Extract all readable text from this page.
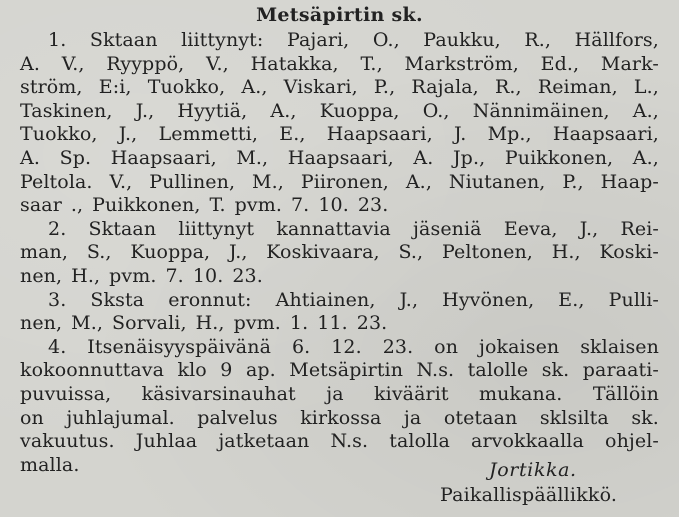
Metsäpirtin sk.
1. Sktaan liittynyt: Pajari, O., Paukku, R., Hällfors,
A. V., Ryyppö, V., Hatakka, T., Markström, Ed., Mark-
ström, E:i, Tuokko, A., Viskari, P., Rajala, R., Reiman, L.,
Taskinen, J., Hyytiä, A., Kuoppa, O., Nännimäinen, A.,
Tuokko, J., Lemmetti, E., Haapsaari, J. Mp., Haapsaari,
A. Sp. Haapsaari, M., Haapsaari, A. Jp., Puikkonen, A.,
Peltola. V., Pullinen, M., Piironen, A., Niutanen, P., Haap-
saar ., Puikkonen, T. pvm. 7. 10. 23.
2. Sktaan liittynyt kannattavia jäseniä Eeva, J., Rei-
man, S., Kuoppa, J., Koskivaara, S., Peltonen, H., Koski-
nen, H., pvm. 7. 10. 23.
3. Sksta eronnut: Ahtiainen, J., Hyvönen, E., Pulli-
nen, M., Sorvali, H., pvm. 1. 11. 23.
4. Itsenäisyyspäivänä 6. 12. 23. on jokaisen sklaisen
kokoonnuttava klo 9 ap. Metsäpirtin N.s. talolle sk. paraati-
puvuissa, käsivarsinauhat ja kiväärit mukana. Tällöin
on juhlajumal. palvelus kirkossa ja otetaan sklsilta sk.
vakuutus. Juhlaa jatketaan N.s. talolla arvokkaalla ohjel-
malla.	Jortikka.
Paikallispäällikkö.
